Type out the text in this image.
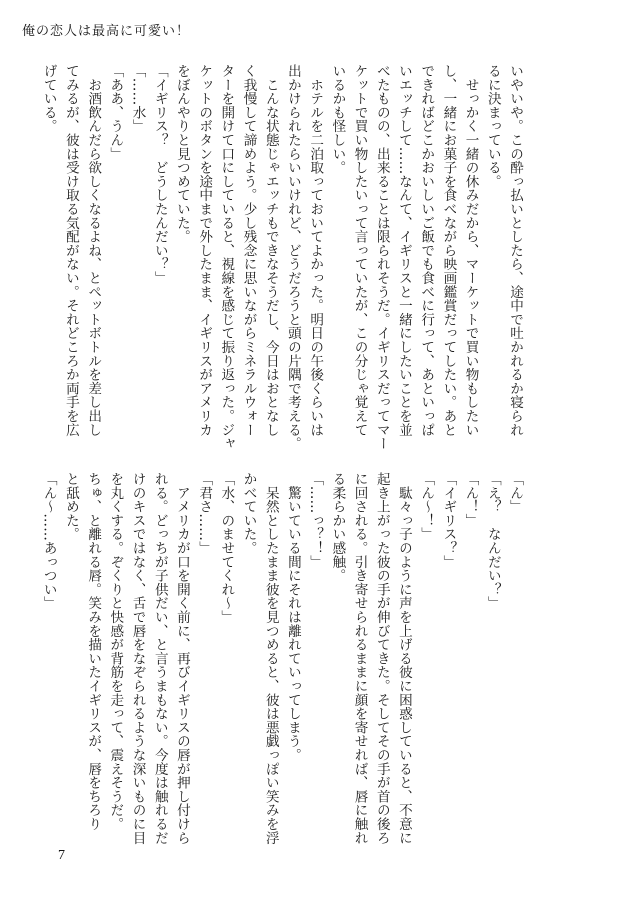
俺の恋人は最高に可愛い！
いやいや。この酔っ払いとしたら、途中で吐かれるか寝られ
るに決まっている。
　せっかく一緒の休みだから、マーケットで買い物もしたい
し、一緒にお菓子を食べながら映画鑑賞だってしたい。あと
できればどこかおいしいご飯でも食べに行って、あといっぱ
いエッチして……なんて、イギリスと一緒にしたいことを並
べたものの、出来ることは限られそうだ。イギリスだってマー
ケットで買い物したいって言っていたが、この分じゃ覚えて
いるかも怪しい。
　ホテルを二泊取っておいてよかった。明日の午後くらいは
出かけられたらいいけれど、どうだろうと頭の片隅で考える。
　こんな状態じゃエッチもできなそうだし、今日はおとなし
く我慢して諦めよう。少し残念に思いながらミネラルウォー
ターを開けて口にしていると、視線を感じて振り返った。ジャ
ケットのボタンを途中まで外したまま、イギリスがアメリカ
をぼんやりと見つめていた。
「イギリス？　どうしたんだい？」
「……水」
「ああ、うん」
　お酒飲んだら欲しくなるよね、とペットボトルを差し出し
てみるが、彼は受け取る気配がない。それどころか両手を広
げている。
「ん」
「え？　なんだい？」
「ん！」
「イギリス？」
「ん〜！」
　駄々っ子のように声を上げる彼に困惑していると、不意に
起き上がった彼の手が伸びてきた。そしてその手が首の後ろ
に回される。引き寄せられるままに顔を寄せれば、唇に触れ
る柔らかい感触。
「……っ？！」
　驚いている間にそれは離れていってしまう。
　呆然としたまま彼を見つめると、彼は悪戯っぽい笑みを浮
かべていた。
「水、のませてくれ〜」
「君さ……」
　アメリカが口を開く前に、再びイギリスの唇が押し付けら
れる。どっちが子供だい、と言うまもない。今度は触れるだ
けのキスではなく、舌で唇をなぞられるような深いものに目
を丸くする。ぞくりと快感が背筋を走って、震えそうだ。
ちゅ、と離れる唇。笑みを描いたイギリスが、唇をちろり
と舐めた。
「ん〜……あっつい」
7
